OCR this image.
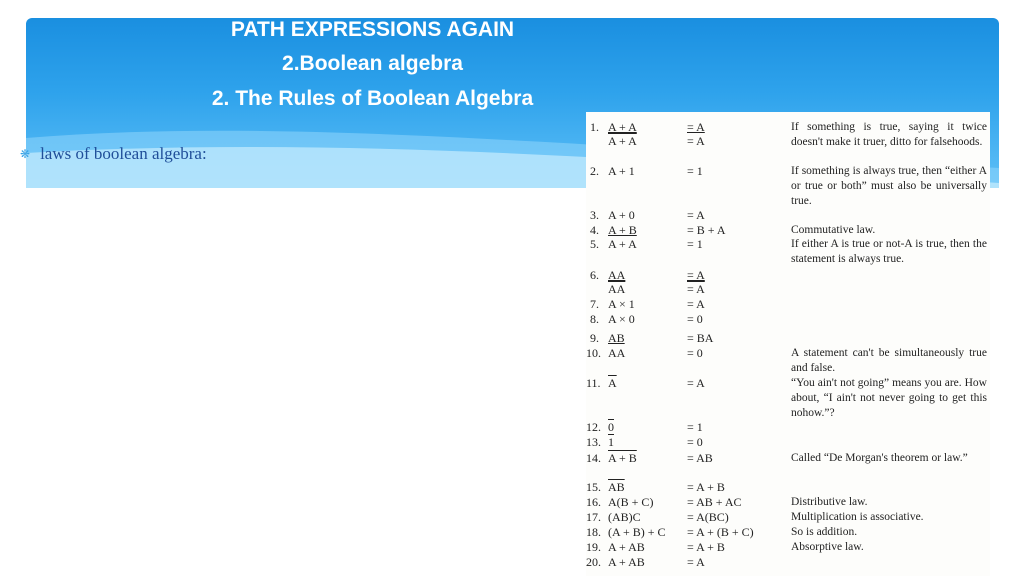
PATH EXPRESSIONS AGAIN
2.Boolean algebra
2. The Rules of Boolean Algebra
❋ laws of boolean algebra:
1. A + A	= A
A + A	= A
If something is true, saying it twice doesn't make it truer, ditto for falsehoods.
2. A + 1	= 1	If something is always true, then “either A or true or both” must also be universally true.
3. A + 0	= A
4. A + B	= B + A	Commutative law.
5. A + A	= 1	If either A is true or not-A is true, then the statement is always true.
6. AA	= A
$\overline{AA}$	= A
7. A × 1	= A
8. A × 0	= 0
9. AB	= BA
10. AA	= 0	A statement can't be simultaneously true and false.
11. $\overline{A}$	= A	“You ain't not going” means you are. How about, “I ain't not never going to get this nohow.”?
12. 0	= 1
13. 1	= 0
14. A + B	= AB	Called “De Morgan's theorem or law.”
15. $\overline{AB}$	= A + B
16. A(B + C)	= AB + AC	Distributive law.
17. (AB)C	= A(BC)	Multiplication is associative.
18. (A + B) + C = A + (B + C)	So is addition.
19. A + AB	= A + B	Absorptive law.
20. A + AB	= A
